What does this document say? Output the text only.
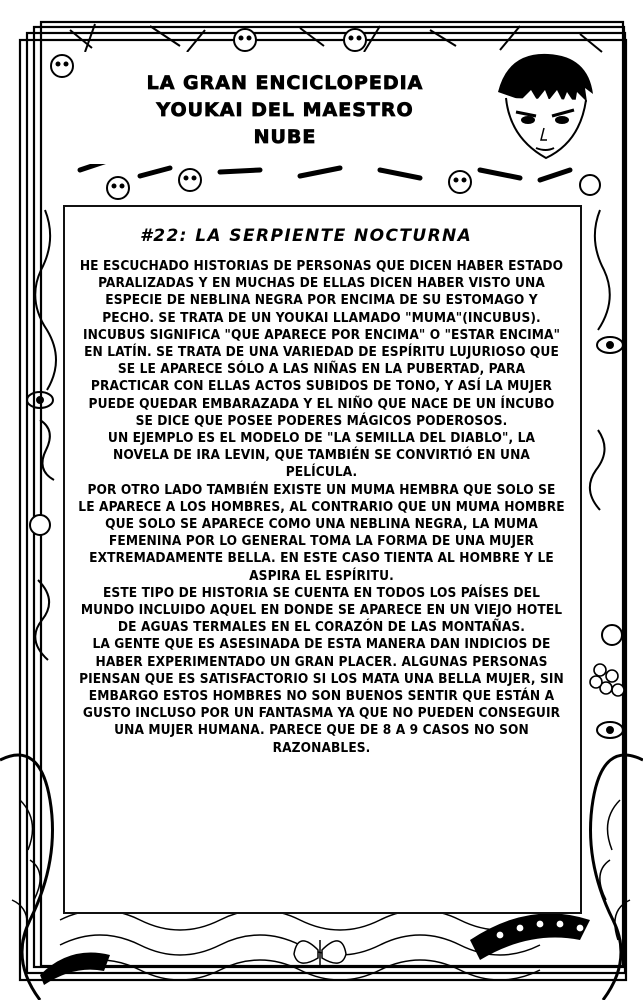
LA GRAN ENCICLOPEDIA
YOUKAI DEL MAESTRO
NUBE
#22: LA SERPIENTE NOCTURNA

HE ESCUCHADO HISTORIAS DE PERSONAS QUE DICEN HABER ESTADO PARALIZADAS Y EN MUCHAS DE ELLAS DICEN HABER VISTO UNA ESPECIE DE NEBLINA NEGRA POR ENCIMA DE SU ESTOMAGO Y PECHO. SE TRATA DE UN YOUKAI LLAMADO "MUMA"(INCUBUS).

INCUBUS SIGNIFICA "QUE APARECE POR ENCIMA" O "ESTAR ENCIMA" EN LATÍN. SE TRATA DE UNA VARIEDAD DE ESPÍRITU LUJURIOSO QUE SE LE APARECE SÓLO A LAS NIÑAS EN LA PUBERTAD, PARA PRACTICAR CON ELLAS ACTOS SUBIDOS DE TONO, Y ASÍ LA MUJER PUEDE QUEDAR EMBARAZADA Y EL NIÑO QUE NACE DE UN ÍNCUBO SE DICE QUE POSEE PODERES MÁGICOS PODEROSOS.

UN EJEMPLO ES EL MODELO DE "LA SEMILLA DEL DIABLO", LA NOVELA DE IRA LEVIN, QUE TAMBIÉN SE CONVIRTIÓ EN UNA PELÍCULA.

POR OTRO LADO TAMBIÉN EXISTE UN MUMA HEMBRA QUE SOLO SE LE APARECE A LOS HOMBRES, AL CONTRARIO QUE UN MUMA HOMBRE QUE SOLO SE APARECE COMO UNA NEBLINA NEGRA, LA MUMA FEMENINA POR LO GENERAL TOMA LA FORMA DE UNA MUJER EXTREMADAMENTE BELLA. EN ESTE CASO TIENTA AL HOMBRE Y LE ASPIRA EL ESPÍRITU.

ESTE TIPO DE HISTORIA SE CUENTA EN TODOS LOS PAÍSES DEL MUNDO INCLUIDO AQUEL EN DONDE SE APARECE EN UN VIEJO HOTEL DE AGUAS TERMALES EN EL CORAZÓN DE LAS MONTAÑAS.

LA GENTE QUE ES ASESINADA DE ESTA MANERA DAN INDICIOS DE HABER EXPERIMENTADO UN GRAN PLACER. ALGUNAS PERSONAS PIENSAN QUE ES SATISFACTORIO SI LOS MATA UNA BELLA MUJER, SIN EMBARGO ESTOS HOMBRES NO SON BUENOS SENTIR QUE ESTÁN A GUSTO INCLUSO POR UN FANTASMA YA QUE NO PUEDEN CONSEGUIR UNA MUJER HUMANA. PARECE QUE DE 8 A 9 CASOS NO SON RAZONABLES.
